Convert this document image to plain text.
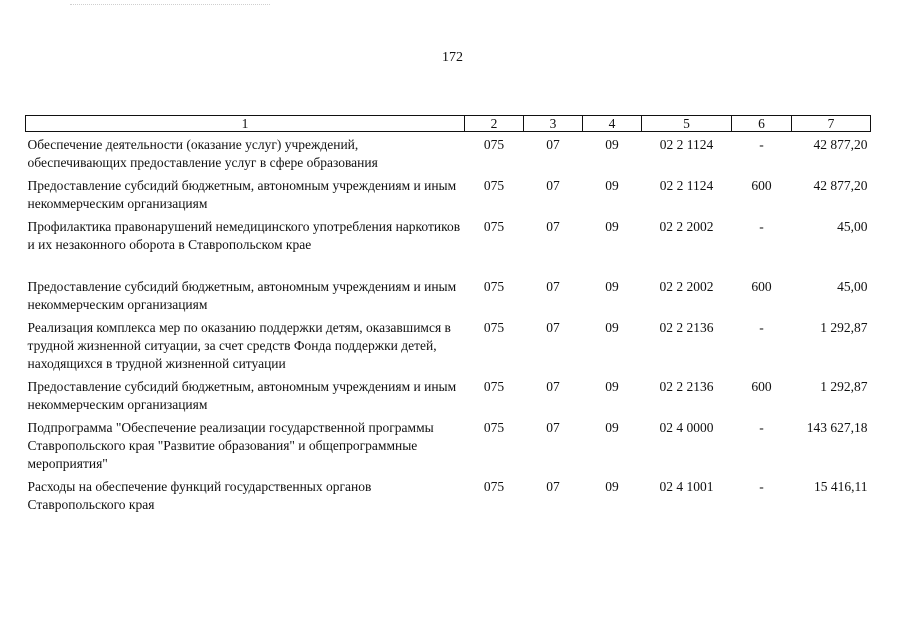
172
1	2	3	4	5	6	7
Обеспечение деятельности (оказание услуг) учреждений, обеспечивающих предоставление услуг в сфере образования	075	07	09	02 2 1124	-	42 877,20
Предоставление субсидий бюджетным, автономным учреждениям и иным некоммерческим организациям	075	07	09	02 2 1124	600	42 877,20
Профилактика правонарушений немедицинского употребления наркотиков и их незаконного оборота в Ставропольском крае	075	07	09	02 2 2002	-	45,00
Предоставление субсидий бюджетным, автономным учреждениям и иным некоммерческим организациям	075	07	09	02 2 2002	600	45,00
Реализация комплекса мер по оказанию поддержки детям, оказавшимся в трудной жизненной ситуации, за счет средств Фонда поддержки детей, находящихся в трудной жизненной ситуации	075	07	09	02 2 2136	-	1 292,87
Предоставление субсидий бюджетным, автономным учреждениям и иным некоммерческим организациям	075	07	09	02 2 2136	600	1 292,87
Подпрограмма "Обеспечение реализации государственной программы Ставропольского края "Развитие образования" и общепрограммные мероприятия"	075	07	09	02 4 0000	-	143 627,18
Расходы на обеспечение функций государственных органов Ставропольского края	075	07	09	02 4 1001	-	15 416,11
